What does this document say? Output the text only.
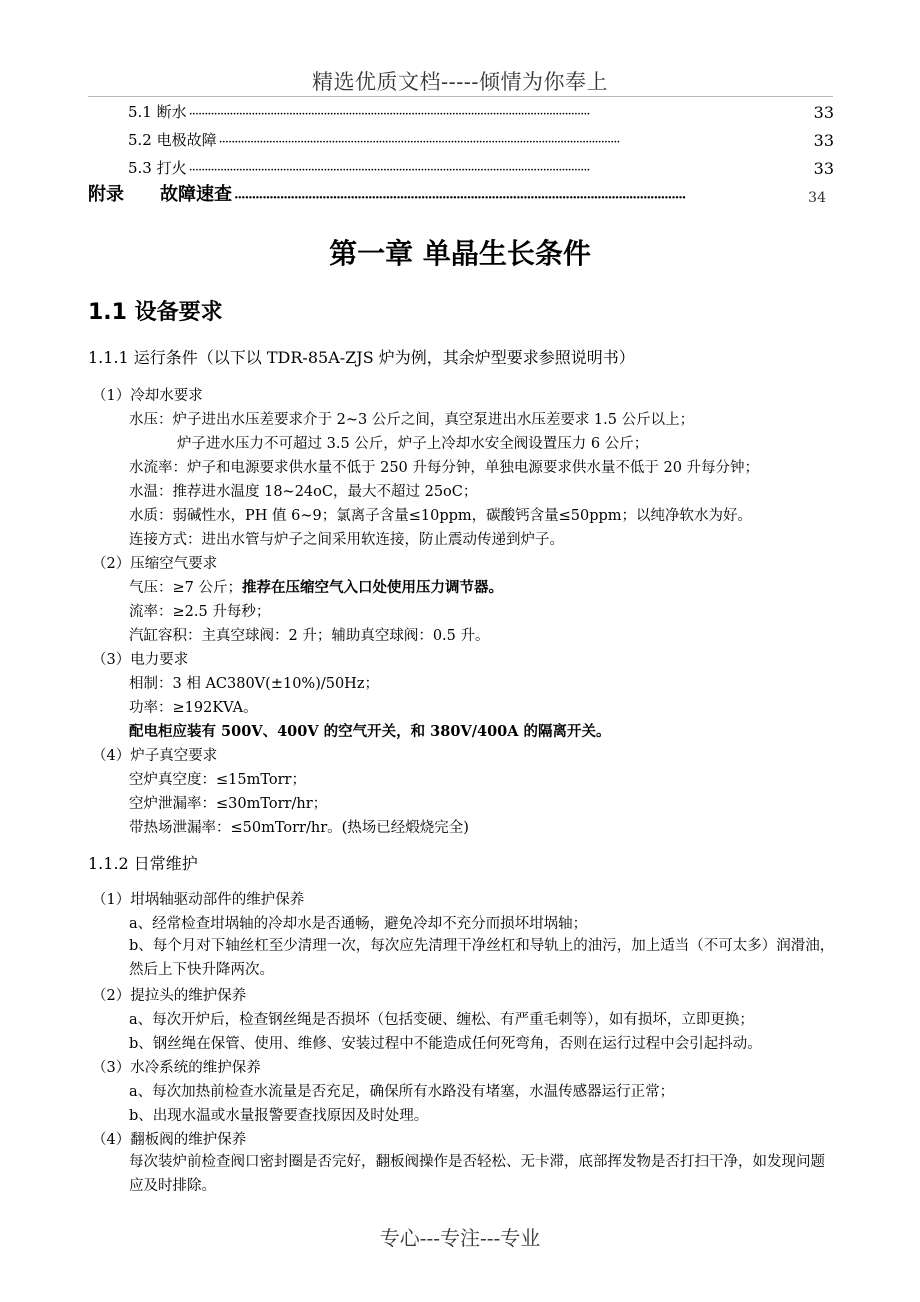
精选优质文档-----倾情为你奉上
5.1 断水 ································································································································	33
5.2 电极故障 ································································································································	33
5.3 打火 ································································································································	33
附录　　故障速查 ································································································································	34
第一章 单晶生长条件
1.1 设备要求
1.1.1 运行条件（以下以 TDR-85A-ZJS 炉为例，其余炉型要求参照说明书）
（1）冷却水要求
水压：炉子进出水压差要求介于 2~3 公斤之间，真空泵进出水压差要求 1.5 公斤以上；
炉子进水压力不可超过 3.5 公斤，炉子上冷却水安全阀设置压力 6 公斤；
水流率：炉子和电源要求供水量不低于 250 升每分钟，单独电源要求供水量不低于 20 升每分钟；
水温：推荐进水温度 18~24oC，最大不超过 25oC；
水质：弱碱性水，PH 值 6~9；氯离子含量≤10ppm，碳酸钙含量≤50ppm；以纯净软水为好。
连接方式：进出水管与炉子之间采用软连接，防止震动传递到炉子。
（2）压缩空气要求
气压：≥7 公斤；推荐在压缩空气入口处使用压力调节器。
流率：≥2.5 升每秒；
汽缸容积：主真空球阀：2 升；辅助真空球阀：0.5 升。
（3）电力要求
相制：3 相 AC380V(±10%)/50Hz；
功率：≥192KVA。
配电柜应装有 500V、400V 的空气开关，和 380V/400A 的隔离开关。
（4）炉子真空要求
空炉真空度：≤15mTorr；
空炉泄漏率：≤30mTorr/hr；
带热场泄漏率：≤50mTorr/hr。(热场已经煅烧完全)
1.1.2 日常维护
（1）坩埚轴驱动部件的维护保养
a、经常检查坩埚轴的冷却水是否通畅，避免冷却不充分而损坏坩埚轴；
b、每个月对下轴丝杠至少清理一次，每次应先清理干净丝杠和导轨上的油污，加上适当（不可太多）润滑油，然后上下快升降两次。
（2）提拉头的维护保养
a、每次开炉后，检查钢丝绳是否损坏（包括变硬、缠松、有严重毛刺等），如有损坏，立即更换；
b、钢丝绳在保管、使用、维修、安装过程中不能造成任何死弯角，否则在运行过程中会引起抖动。
（3）水冷系统的维护保养
a、每次加热前检查水流量是否充足，确保所有水路没有堵塞，水温传感器运行正常；
b、出现水温或水量报警要查找原因及时处理。
（4）翻板阀的维护保养
每次装炉前检查阀口密封圈是否完好，翻板阀操作是否轻松、无卡滞，底部挥发物是否打扫干净，如发现问题应及时排除。
专心---专注---专业
